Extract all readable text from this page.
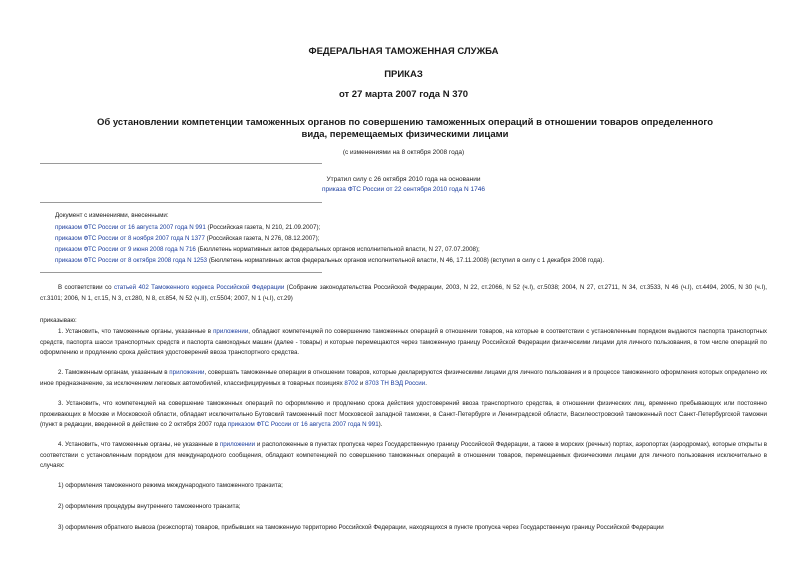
ФЕДЕРАЛЬНАЯ ТАМОЖЕННАЯ СЛУЖБА
ПРИКАЗ
от 27 марта 2007 года N 370
Об установлении компетенции таможенных органов по совершению таможенных операций в отношении товаров определенного вида, перемещаемых физическими лицами
(с изменениями на 8 октября 2008 года)
Утратил силу с 26 октября 2010 года на основании
приказа ФТС России от 22 сентября 2010 года N 1746
Документ с изменениями, внесенными:
приказом ФТС России от 16 августа 2007 года N 991 (Российская газета, N 210, 21.09.2007);
приказом ФТС России от 8 ноября 2007 года N 1377 (Российская газета, N 276, 08.12.2007);
приказом ФТС России от 9 июня 2008 года N 716 (Бюллетень нормативных актов федеральных органов исполнительной власти, N 27, 07.07.2008);
приказом ФТС России от 8 октября 2008 года N 1253 (Бюллетень нормативных актов федеральных органов исполнительной власти, N 46, 17.11.2008) (вступил в силу с 1 декабря 2008 года).
В соответствии со статьей 402 Таможенного кодекса Российской Федерации (Собрание законодательства Российской Федерации, 2003, N 22, ст.2066, N 52 (ч.I), ст.5038; 2004, N 27, ст.2711, N 34, ст.3533, N 46 (ч.I), ст.4494, 2005, N 30 (ч.I), ст.3101; 2006, N 1, ст.15, N 3, ст.280, N 8, ст.854, N 52 (ч.II), ст.5504; 2007, N 1 (ч.I), ст.29)
приказываю:
1. Установить, что таможенные органы, указанные в приложении, обладают компетенцией по совершению таможенных операций в отношении товаров, на которые в соответствии с установленным порядком выдаются паспорта транспортных средств, паспорта шасси транспортных средств и паспорта самоходных машин (далее - товары) и которые перемещаются через таможенную границу Российской Федерации физическими лицами для личного пользования, в том числе операций по оформлению и продлению срока действия удостоверений ввоза транспортного средства.
2. Таможенным органам, указанным в приложении, совершать таможенные операции в отношении товаров, которые декларируются физическими лицами для личного пользования и в процессе таможенного оформления которых определено их иное предназначение, за исключением легковых автомобилей, классифицируемых в товарных позициях 8702 и 8703 ТН ВЭД России.
3. Установить, что компетенцией на совершение таможенных операций по оформлению и продлению срока действия удостоверений ввоза транспортного средства, в отношении физических лиц, временно пребывающих или постоянно проживающих в Москве и Московской области, обладает исключительно Бутовский таможенный пост Московской западной таможни, в Санкт-Петербурге и Ленинградской области, Василеостровский таможенный пост Санкт-Петербургской таможни (пункт в редакции, введенной в действие со 2 октября 2007 года приказом ФТС России от 16 августа 2007 года N 991).
4. Установить, что таможенные органы, не указанные в приложении и расположенные в пунктах пропуска через Государственную границу Российской Федерации, а также в морских (речных) портах, аэропортах (аэродромах), которые открыты в соответствии с установленным порядком для международного сообщения, обладают компетенцией по совершению таможенных операций в отношении товаров, перемещаемых физическими лицами для личного пользования исключительно в случаях:
1) оформления таможенного режима международного таможенного транзита;
2) оформления процедуры внутреннего таможенного транзита;
3) оформления обратного вывоза (реэкспорта) товаров, прибывших на таможенную территорию Российской Федерации, находящихся в пункте пропуска через Государственную границу Российской Федерации
